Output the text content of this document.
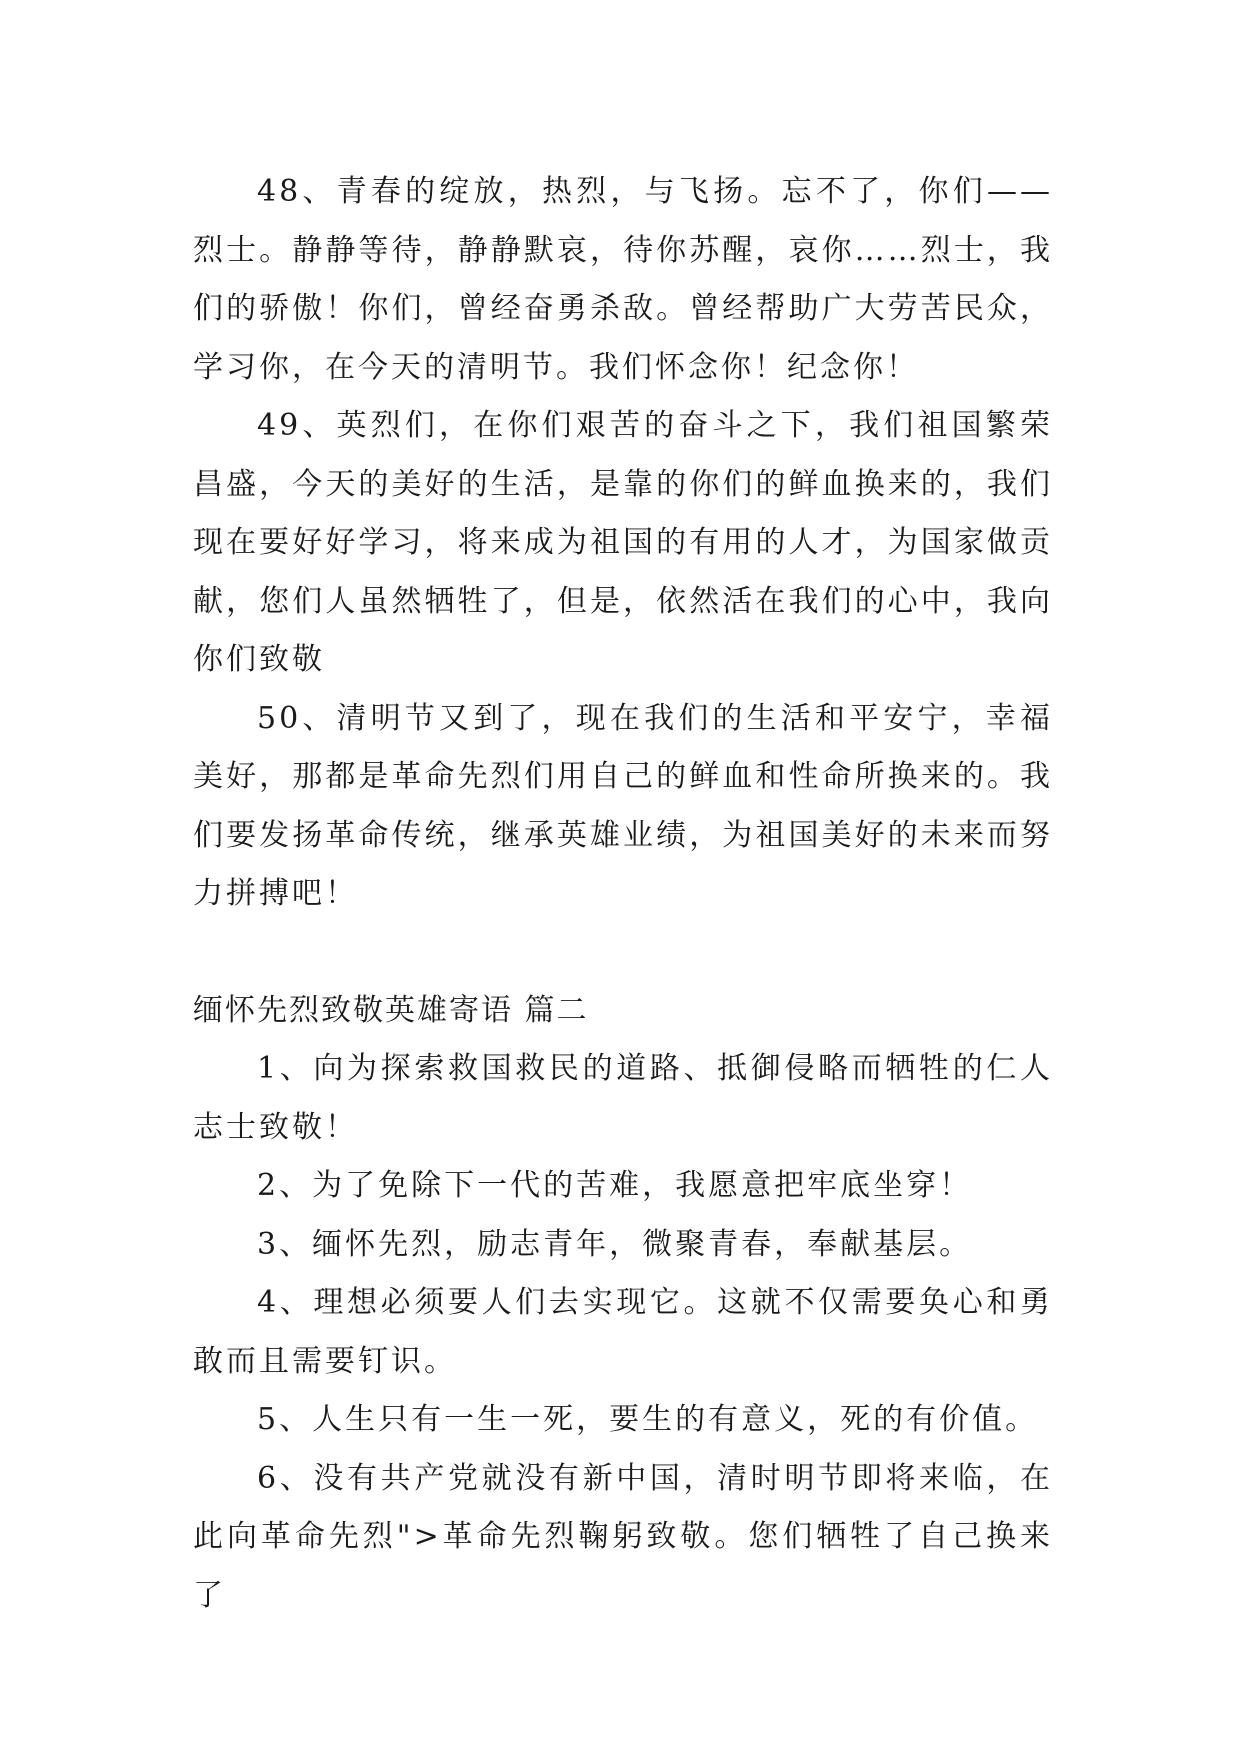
48、青春的绽放，热烈，与飞扬。忘不了，你们——烈士。静静等待，静静默哀，待你苏醒，哀你……烈士，我们的骄傲！你们，曾经奋勇杀敌。曾经帮助广大劳苦民众，学习你，在今天的清明节。我们怀念你！纪念你！

49、英烈们，在你们艰苦的奋斗之下，我们祖国繁荣昌盛，今天的美好的生活，是靠的你们的鲜血换来的，我们现在要好好学习，将来成为祖国的有用的人才，为国家做贡献，您们人虽然牺牲了，但是，依然活在我们的心中，我向你们致敬

50、清明节又到了，现在我们的生活和平安宁，幸福美好，那都是革命先烈们用自己的鲜血和性命所换来的。我们要发扬革命传统，继承英雄业绩，为祖国美好的未来而努力拼搏吧！

缅怀先烈致敬英雄寄语 篇二

1、向为探索救国救民的道路、抵御侵略而牺牲的仁人志士致敬！

2、为了免除下一代的苦难，我愿意把牢底坐穿！

3、缅怀先烈，励志青年，微聚青春，奉献基层。

4、理想必须要人们去实现它。这就不仅需要奂心和勇敢而且需要钉识。

5、人生只有一生一死，要生的有意义，死的有价值。

6、没有共产党就没有新中国，清时明节即将来临，在此向革命先烈">革命先烈鞠躬致敬。您们牺牲了自己换来了
